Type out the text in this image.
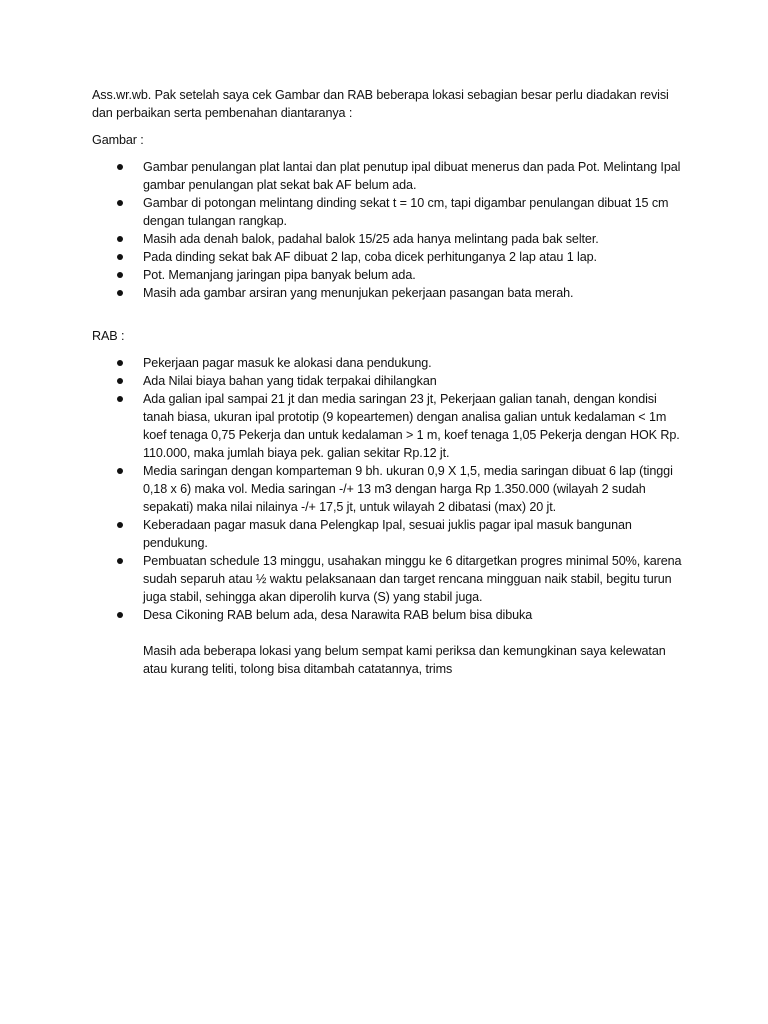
Ass.wr.wb. Pak setelah saya cek Gambar dan RAB beberapa lokasi sebagian besar perlu diadakan revisi dan perbaikan serta pembenahan diantaranya :

Gambar :

Gambar penulangan plat lantai dan plat penutup ipal dibuat menerus dan pada Pot. Melintang Ipal gambar penulangan plat sekat bak AF belum ada.
Gambar di potongan melintang dinding sekat t = 10 cm, tapi digambar penulangan dibuat 15 cm dengan tulangan rangkap.
Masih ada denah balok, padahal balok 15/25 ada hanya melintang pada bak selter.
Pada dinding sekat bak AF dibuat 2 lap, coba dicek perhitunganya 2 lap atau 1 lap.
Pot. Memanjang jaringan pipa banyak belum ada.
Masih ada gambar arsiran yang menunjukan pekerjaan pasangan bata merah.

RAB :

Pekerjaan pagar masuk ke alokasi dana pendukung.
Ada Nilai biaya bahan yang tidak terpakai dihilangkan
Ada galian ipal sampai 21 jt dan media saringan 23 jt, Pekerjaan galian tanah, dengan kondisi tanah biasa, ukuran ipal prototip (9 kopeartemen) dengan analisa galian untuk kedalaman < 1m koef tenaga 0,75 Pekerja dan untuk kedalaman > 1 m, koef tenaga 1,05 Pekerja dengan HOK Rp. 110.000, maka jumlah biaya pek. galian sekitar Rp.12 jt.
Media saringan dengan komparteman 9 bh. ukuran 0,9 X 1,5, media saringan dibuat 6 lap (tinggi 0,18 x 6) maka vol. Media saringan -/+ 13 m3 dengan harga Rp 1.350.000 (wilayah 2 sudah sepakati) maka nilai nilainya -/+ 17,5 jt, untuk wilayah 2 dibatasi (max) 20 jt.
Keberadaan pagar masuk dana Pelengkap Ipal, sesuai juklis pagar ipal masuk bangunan pendukung.
Pembuatan schedule 13 minggu, usahakan minggu ke 6 ditargetkan progres minimal 50%, karena sudah separuh atau ½ waktu pelaksanaan dan target rencana mingguan naik stabil, begitu turun juga stabil, sehingga akan diperolih kurva (S) yang stabil juga.
Desa Cikoning RAB belum ada, desa Narawita RAB belum bisa dibuka

Masih ada beberapa lokasi yang belum sempat kami periksa dan kemungkinan saya kelewatan atau kurang teliti, tolong bisa ditambah catatannya, trims
